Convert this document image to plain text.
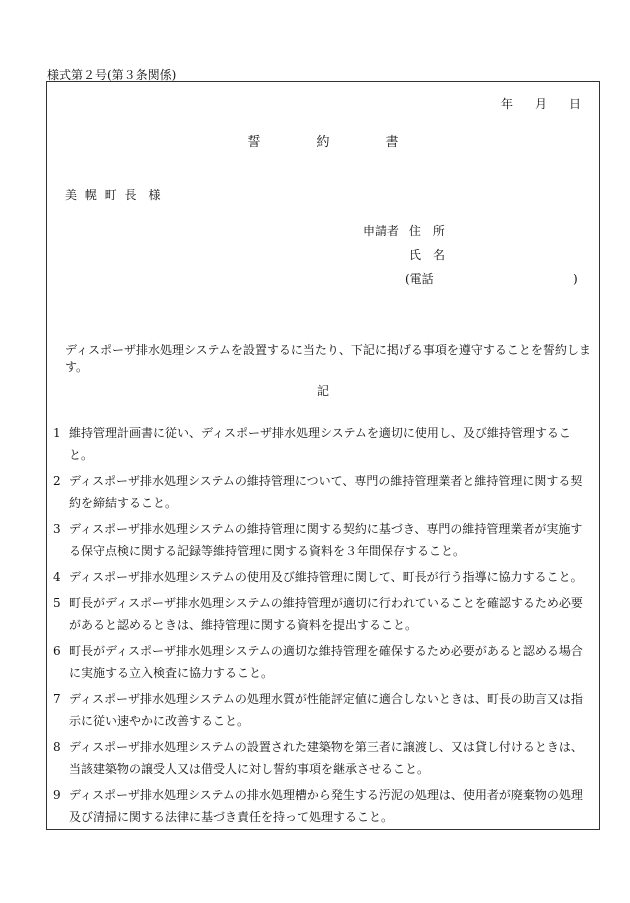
様式第２号(第３条関係)
年 月 日
誓	約	書
美 幌 町 長　様
申請者 住　所
氏　名
(電話	)
ディスポーザ排水処理システムを設置するに当たり、下記に掲げる事項を遵守することを誓約します。
記
1 維持管理計画書に従い、ディスポーザ排水処理システムを適切に使用し、及び維持管理すること。
2 ディスポーザ排水処理システムの維持管理について、専門の維持管理業者と維持管理に関する契約を締結すること。
3 ディスポーザ排水処理システムの維持管理に関する契約に基づき、専門の維持管理業者が実施する保守点検に関する記録等維持管理に関する資料を３年間保存すること。
4 ディスポーザ排水処理システムの使用及び維持管理に関して、町長が行う指導に協力すること。
5 町長がディスポーザ排水処理システムの維持管理が適切に行われていることを確認するため必要があると認めるときは、維持管理に関する資料を提出すること。
6 町長がディスポーザ排水処理システムの適切な維持管理を確保するため必要があると認める場合に実施する立入検査に協力すること。
7 ディスポーザ排水処理システムの処理水質が性能評定値に適合しないときは、町長の助言又は指示に従い速やかに改善すること。
8 ディスポーザ排水処理システムの設置された建築物を第三者に譲渡し、又は貸し付けるときは、当該建築物の譲受人又は借受人に対し誓約事項を継承させること。
9 ディスポーザ排水処理システムの排水処理槽から発生する汚泥の処理は、使用者が廃棄物の処理及び清掃に関する法律に基づき責任を持って処理すること。
